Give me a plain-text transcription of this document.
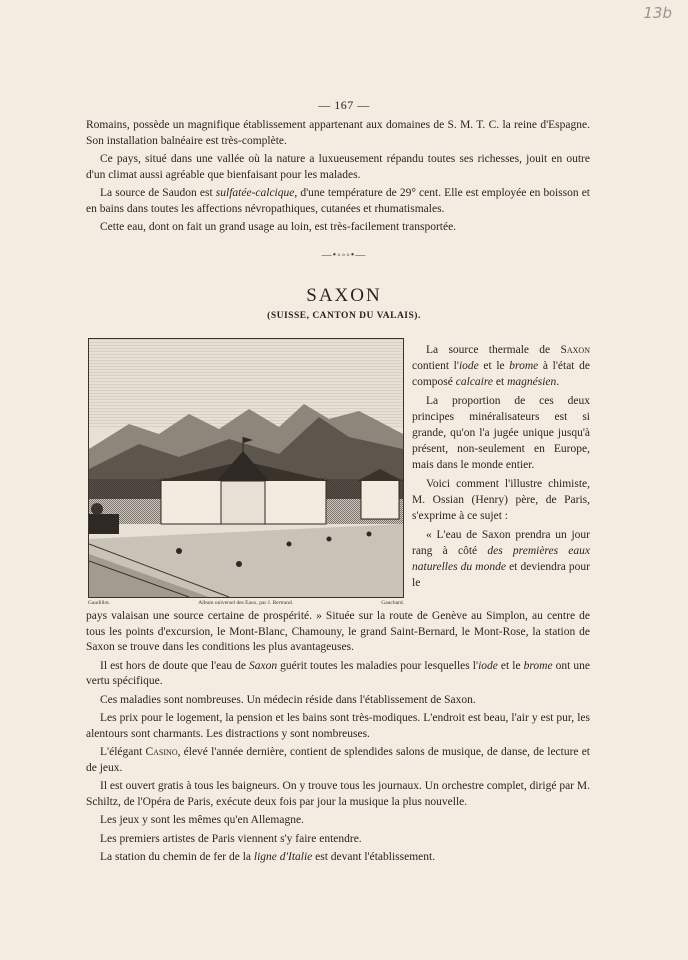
13b
— 167 —

Romains, possède un magnifique établissement appartenant aux domaines de S. M. T. C. la reine d'Espagne. Son installation balnéaire est très-complète.

Ce pays, situé dans une vallée où la nature a luxueusement répandu toutes ses richesses, jouit en outre d'un climat aussi agréable que bienfaisant pour les malades.

La source de Saudon est sulfatée-calcique, d'une température de 29° cent. Elle est employée en boisson et en bains dans toutes les affections névropathiques, cutanées et rhumatismales.

Cette eau, dont on fait un grand usage au loin, est très-facilement transportée.

—•◦◦◦•—
SAXON
(SUISSE, CANTON DU VALAIS).
Gaudillot.	Album universel des Eaux, par J. Bertrand.	Gauchard.

La source thermale de Saxon contient l'iode et le brome à l'état de composé calcaire et magnésien.

La proportion de ces deux principes minéralisateurs est si grande, qu'on l'a jugée unique jusqu'à présent, non-seulement en Europe, mais dans le monde entier.

Voici comment l'illustre chimiste, M. Ossian (Henry) père, de Paris, s'exprime à ce sujet :

« L'eau de Saxon prendra un jour rang à côté des premières eaux naturelles du monde et deviendra pour le

pays valaisan une source certaine de prospérité. » Située sur la route de Genève au Simplon, au centre de tous les points d'excursion, le Mont-Blanc, Chamouny, le grand Saint-Bernard, le Mont-Rose, la station de Saxon se trouve dans les conditions les plus avantageuses.

Il est hors de doute que l'eau de Saxon guérit toutes les maladies pour lesquelles l'iode et le brome ont une vertu spécifique.

Ces maladies sont nombreuses. Un médecin réside dans l'établissement de Saxon.

Les prix pour le logement, la pension et les bains sont très-modiques. L'endroit est beau, l'air y est pur, les alentours sont charmants. Les distractions y sont nombreuses.

L'élégant Casino, élevé l'année dernière, contient de splendides salons de musique, de danse, de lecture et de jeux.

Il est ouvert gratis à tous les baigneurs. On y trouve tous les journaux. Un orchestre complet, dirigé par M. Schiltz, de l'Opéra de Paris, exécute deux fois par jour la musique la plus nouvelle.

Les jeux y sont les mêmes qu'en Allemagne.

Les premiers artistes de Paris viennent s'y faire entendre.

La station du chemin de fer de la ligne d'Italie est devant l'établissement.
